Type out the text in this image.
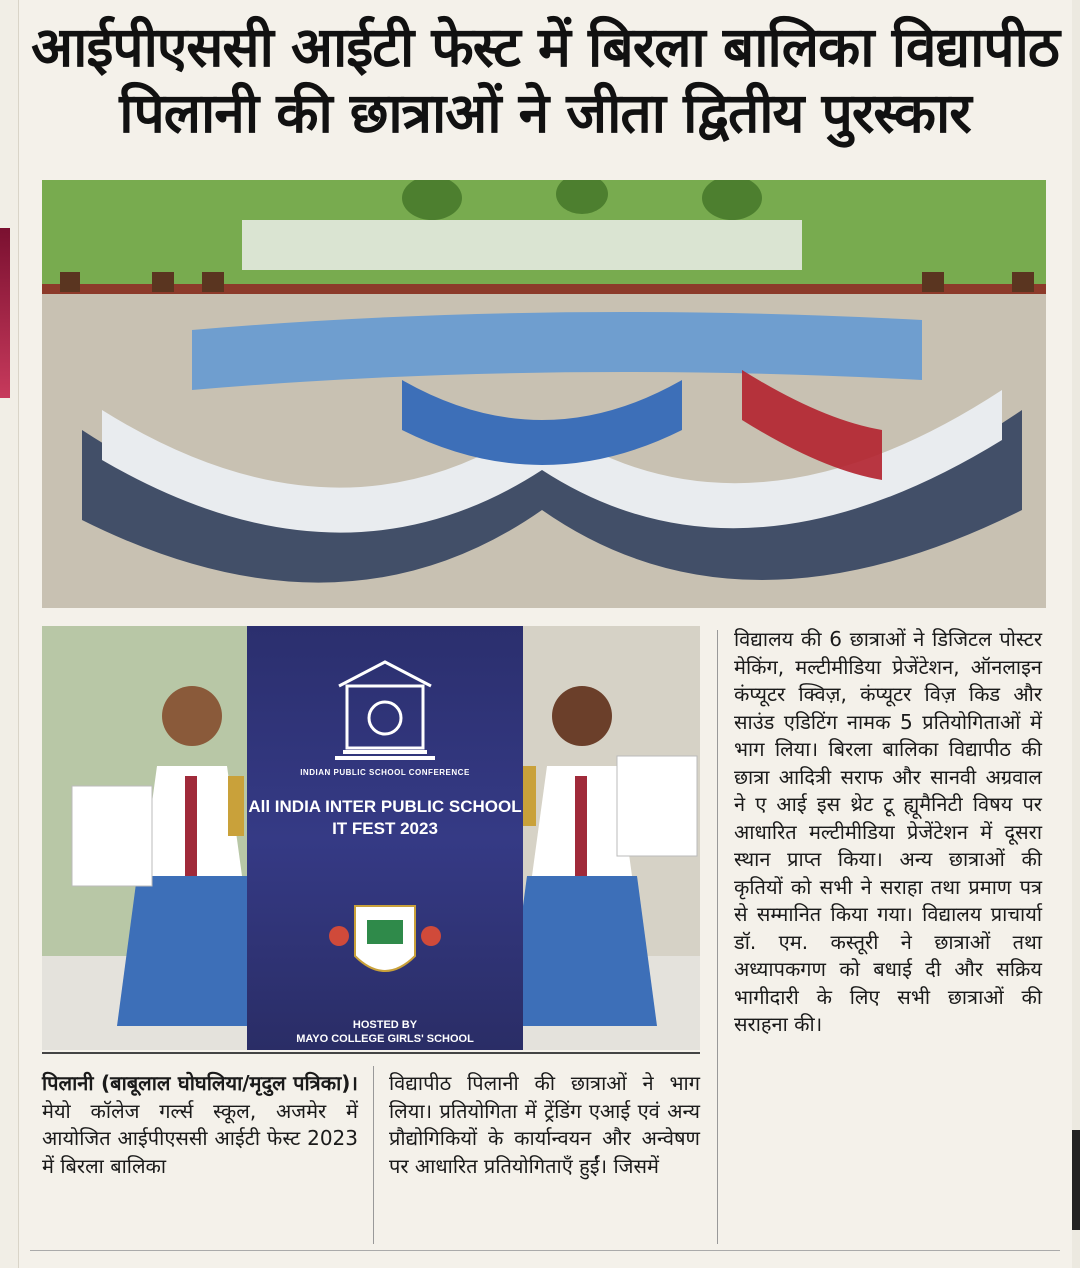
आईपीएससी आईटी फेस्ट में बिरला बालिका विद्यापीठ
पिलानी की छात्राओं ने जीता द्वितीय पुरस्कार
INDIAN PUBLIC SCHOOL CONFERENCE
All INDIA INTER PUBLIC SCHOOL
IT FEST 2023
HOSTED BY
MAYO COLLEGE GIRLS' SCHOOL

पिलानी (बाबूलाल घोघलिया/मृदुल पत्रिका)। मेयो कॉलेज गर्ल्स स्कूल, अजमेर में आयोजित आईपीएससी आईटी फेस्ट 2023 में बिरला बालिका

विद्यापीठ पिलानी की छात्राओं ने भाग लिया। प्रतियोगिता में ट्रेंडिंग एआई एवं अन्य प्रौद्योगिकियों के कार्यान्वयन और अन्वेषण पर आधारित प्रतियोगिताएँ हुईं। जिसमें

विद्यालय की 6 छात्राओं ने डिजिटल पोस्टर मेकिंग, मल्टीमीडिया प्रेजेंटेशन, ऑनलाइन कंप्यूटर क्विज़, कंप्यूटर विज़ किड और साउंड एडिटिंग नामक 5 प्रतियोगिताओं में भाग लिया। बिरला बालिका विद्यापीठ की छात्रा आदित्री सराफ और सानवी अग्रवाल ने ए आई इस थ्रेट टू ह्यूमैनिटी विषय पर आधारित मल्टीमीडिया प्रेजेंटेशन में दूसरा स्थान प्राप्त किया। अन्य छात्राओं की कृतियों को सभी ने सराहा तथा प्रमाण पत्र से सम्मानित किया गया। विद्यालय प्राचार्या डॉ. एम. कस्तूरी ने छात्राओं तथा अध्यापकगण को बधाई दी और सक्रिय भागीदारी के लिए सभी छात्राओं की सराहना की।
